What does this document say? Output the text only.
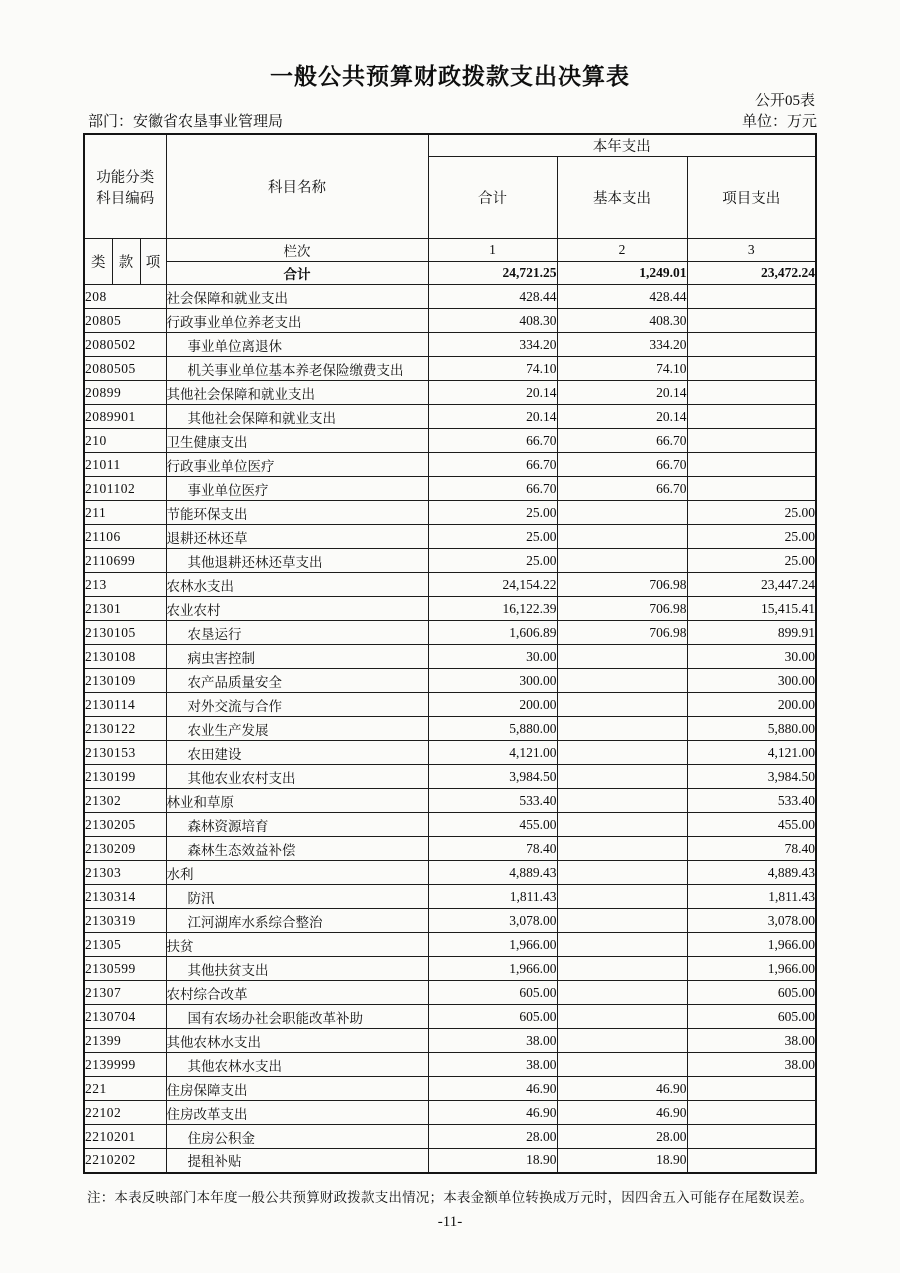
一般公共预算财政拨款支出决算表
公开05表
部门：安徽省农垦事业管理局	单位：万元
功能分类
科目编码			科目名称	本年支出		
				合计	基本支出	项目支出
类	款	项	栏次	1	2	3
			合计	24,721.25	1,249.01	23,472.24
208			社会保障和就业支出	428.44	428.44	
20805			行政事业单位养老支出	408.30	408.30	
2080502			事业单位离退休	334.20	334.20	
2080505			机关事业单位基本养老保险缴费支出	74.10	74.10	
20899			其他社会保障和就业支出	20.14	20.14	
2089901			其他社会保障和就业支出	20.14	20.14	
210			卫生健康支出	66.70	66.70	
21011			行政事业单位医疗	66.70	66.70	
2101102			事业单位医疗	66.70	66.70	
211			节能环保支出	25.00		25.00
21106			退耕还林还草	25.00		25.00
2110699			其他退耕还林还草支出	25.00		25.00
213			农林水支出	24,154.22	706.98	23,447.24
21301			农业农村	16,122.39	706.98	15,415.41
2130105			农垦运行	1,606.89	706.98	899.91
2130108			病虫害控制	30.00		30.00
2130109			农产品质量安全	300.00		300.00
2130114			对外交流与合作	200.00		200.00
2130122			农业生产发展	5,880.00		5,880.00
2130153			农田建设	4,121.00		4,121.00
2130199			其他农业农村支出	3,984.50		3,984.50
21302			林业和草原	533.40		533.40
2130205			森林资源培育	455.00		455.00
2130209			森林生态效益补偿	78.40		78.40
21303			水利	4,889.43		4,889.43
2130314			防汛	1,811.43		1,811.43
2130319			江河湖库水系综合整治	3,078.00		3,078.00
21305			扶贫	1,966.00		1,966.00
2130599			其他扶贫支出	1,966.00		1,966.00
21307			农村综合改革	605.00		605.00
2130704			国有农场办社会职能改革补助	605.00		605.00
21399			其他农林水支出	38.00		38.00
2139999			其他农林水支出	38.00		38.00
221			住房保障支出	46.90	46.90	
22102			住房改革支出	46.90	46.90	
2210201			住房公积金	28.00	28.00	
2210202			提租补贴	18.90	18.90	
注：本表反映部门本年度一般公共预算财政拨款支出情况；本表金额单位转换成万元时，因四舍五入可能存在尾数误差。
-11-
